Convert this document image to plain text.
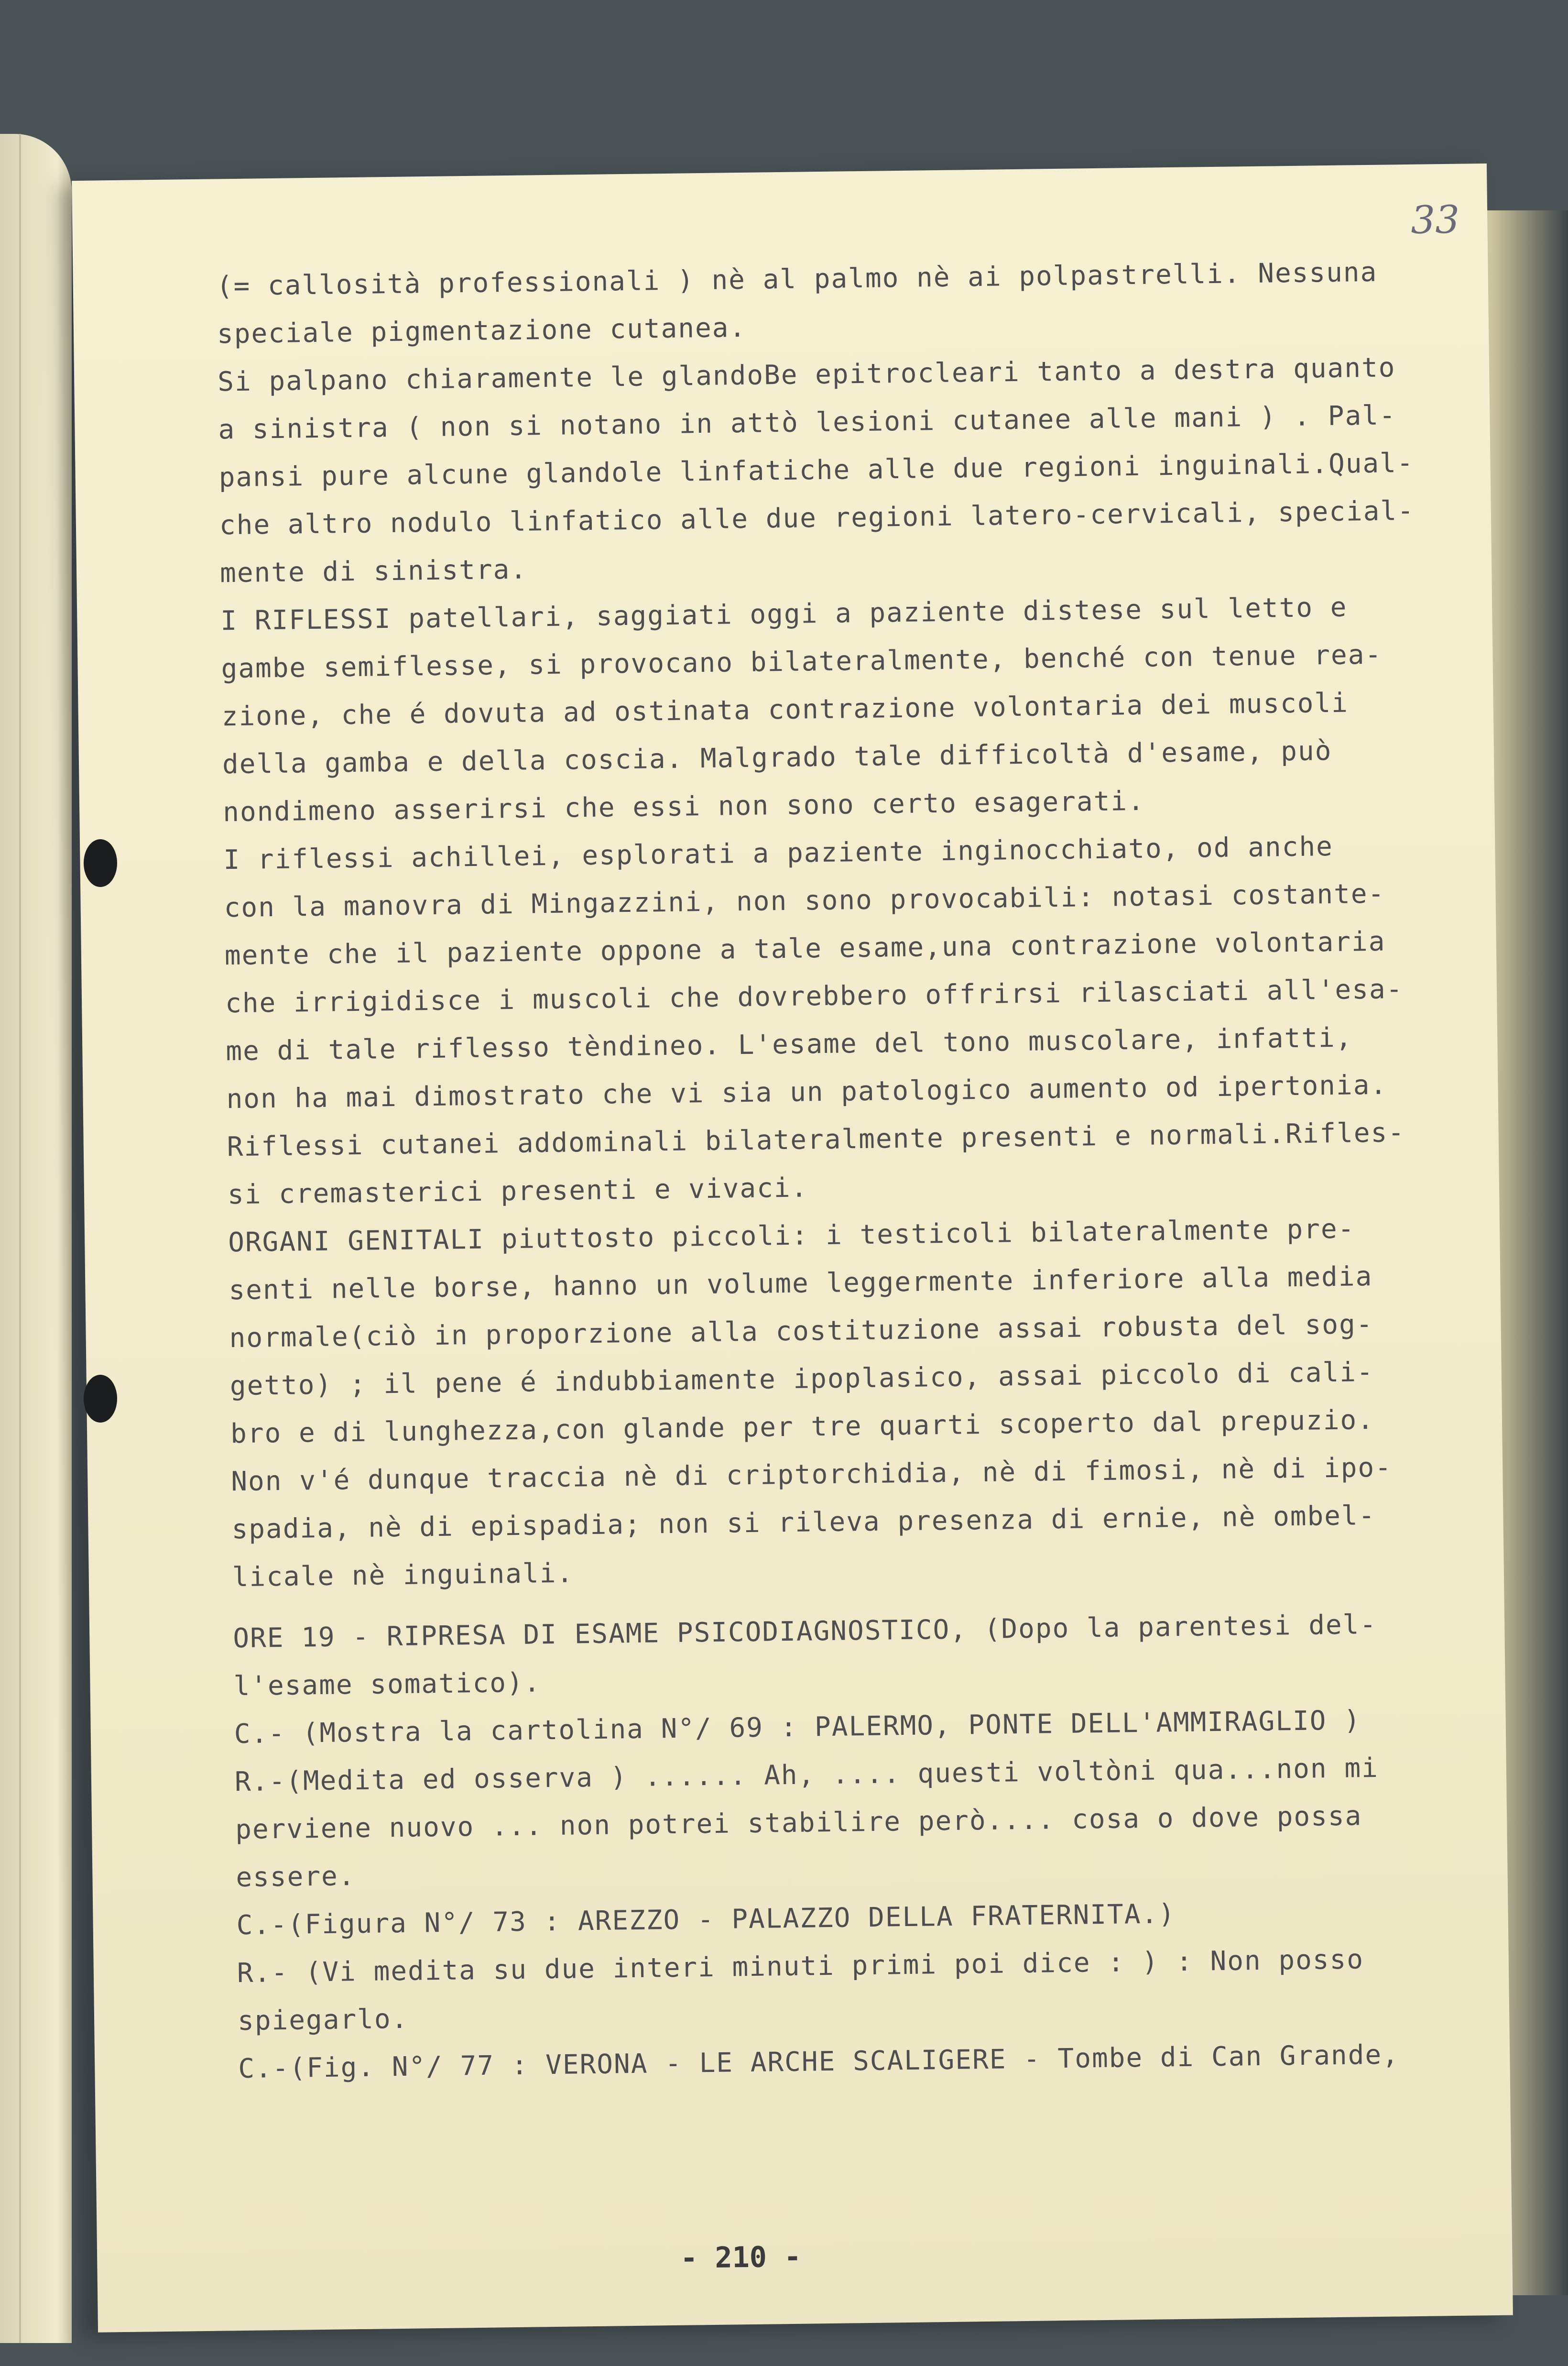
33
(= callosità professionali ) nè al palmo nè ai polpastrelli. Nessuna
speciale pigmentazione cutanea.
Si palpano chiaramente le glandoBe epitrocleari tanto a destra quanto
a sinistra ( non si notano in attò lesioni cutanee alle mani ) . Pal-
pansi pure alcune glandole linfatiche alle due regioni inguinali.Qual-
che altro nodulo linfatico alle due regioni latero-cervicali, special-
mente di sinistra.
I RIFLESSI patellari, saggiati oggi a paziente distese sul letto e
gambe semiflesse, si provocano bilateralmente, benché con tenue rea-
zione, che é dovuta ad ostinata contrazione volontaria dei muscoli
della gamba e della coscia. Malgrado tale difficoltà d'esame, può
nondimeno asserirsi che essi non sono certo esagerati.
I riflessi achillei, esplorati a paziente inginocchiato, od anche
con la manovra di Mingazzini, non sono provocabili: notasi costante-
mente che il paziente oppone a tale esame,una contrazione volontaria
che irrigidisce i muscoli che dovrebbero offrirsi rilasciati all'esa-
me di tale riflesso tèndineo. L'esame del tono muscolare, infatti,
non ha mai dimostrato che vi sia un patologico aumento od ipertonia.
Riflessi cutanei addominali bilateralmente presenti e normali.Rifles-
si cremasterici presenti e vivaci.
ORGANI GENITALI piuttosto piccoli: i testicoli bilateralmente pre-
senti nelle borse, hanno un volume leggermente inferiore alla media
normale(ciò in proporzione alla costituzione assai robusta del sog-
getto) ; il pene é indubbiamente ipoplasico, assai piccolo di cali-
bro e di lunghezza,con glande per tre quarti scoperto dal prepuzio.
Non v'é dunque traccia nè di criptorchidia, nè di fimosi, nè di ipo-
spadia, nè di epispadia; non si rileva presenza di ernie, nè ombel-
licale nè inguinali.
ORE 19 - RIPRESA DI ESAME PSICODIAGNOSTICO, (Dopo la parentesi del-
l'esame somatico).
C.- (Mostra la cartolina N°/ 69 : PALERMO, PONTE DELL'AMMIRAGLIO )
R.-(Medita ed osserva ) ...... Ah, .... questi voltòni qua...non mi
perviene nuovo ... non potrei stabilire però.... cosa o dove possa
essere.
C.-(Figura N°/ 73 : AREZZO - PALAZZO DELLA FRATERNITA.)
R.- (Vi medita su due interi minuti primi poi dice : ) : Non posso
spiegarlo.
C.-(Fig. N°/ 77 : VERONA - LE ARCHE SCALIGERE - Tombe di Can Grande,
- 210 -
